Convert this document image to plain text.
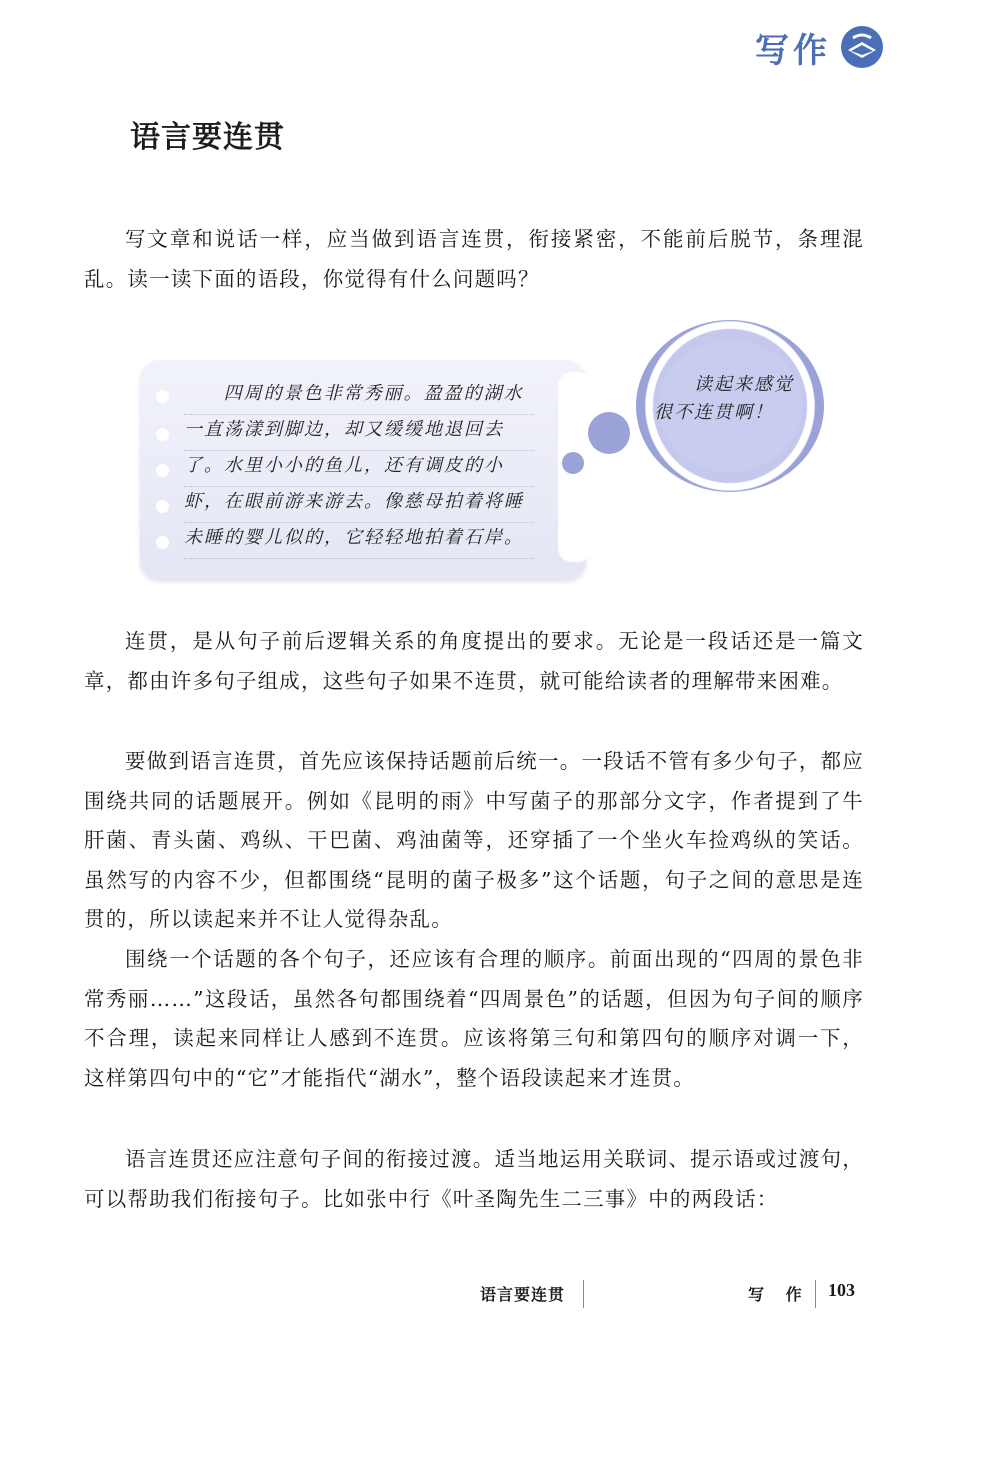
写作
语言要连贯
写文章和说话一样，应当做到语言连贯，衔接紧密，不能前后脱节，条理混乱。读一读下面的语段，你觉得有什么问题吗？
四周的景色非常秀丽。盈盈的湖水一直荡漾到脚边，却又缓缓地退回去了。水里小小的鱼儿，还有调皮的小虾，在眼前游来游去。像慈母拍着将睡未睡的婴儿似的，它轻轻地拍着石岸。
读起来感觉
很不连贯啊！
连贯，是从句子前后逻辑关系的角度提出的要求。无论是一段话还是一篇文章，都由许多句子组成，这些句子如果不连贯，就可能给读者的理解带来困难。
要做到语言连贯，首先应该保持话题前后统一。一段话不管有多少句子，都应围绕共同的话题展开。例如《昆明的雨》中写菌子的那部分文字，作者提到了牛肝菌、青头菌、鸡纵、干巴菌、鸡油菌等，还穿插了一个坐火车捡鸡纵的笑话。虽然写的内容不少，但都围绕“昆明的菌子极多”这个话题，句子之间的意思是连贯的，所以读起来并不让人觉得杂乱。
围绕一个话题的各个句子，还应该有合理的顺序。前面出现的“四周的景色非常秀丽……”这段话，虽然各句都围绕着“四周景色”的话题，但因为句子间的顺序不合理，读起来同样让人感到不连贯。应该将第三句和第四句的顺序对调一下，这样第四句中的“它”才能指代“湖水”，整个语段读起来才连贯。
语言连贯还应注意句子间的衔接过渡。适当地运用关联词、提示语或过渡句，可以帮助我们衔接句子。比如张中行《叶圣陶先生二三事》中的两段话：
语言要连贯	写 作 103
